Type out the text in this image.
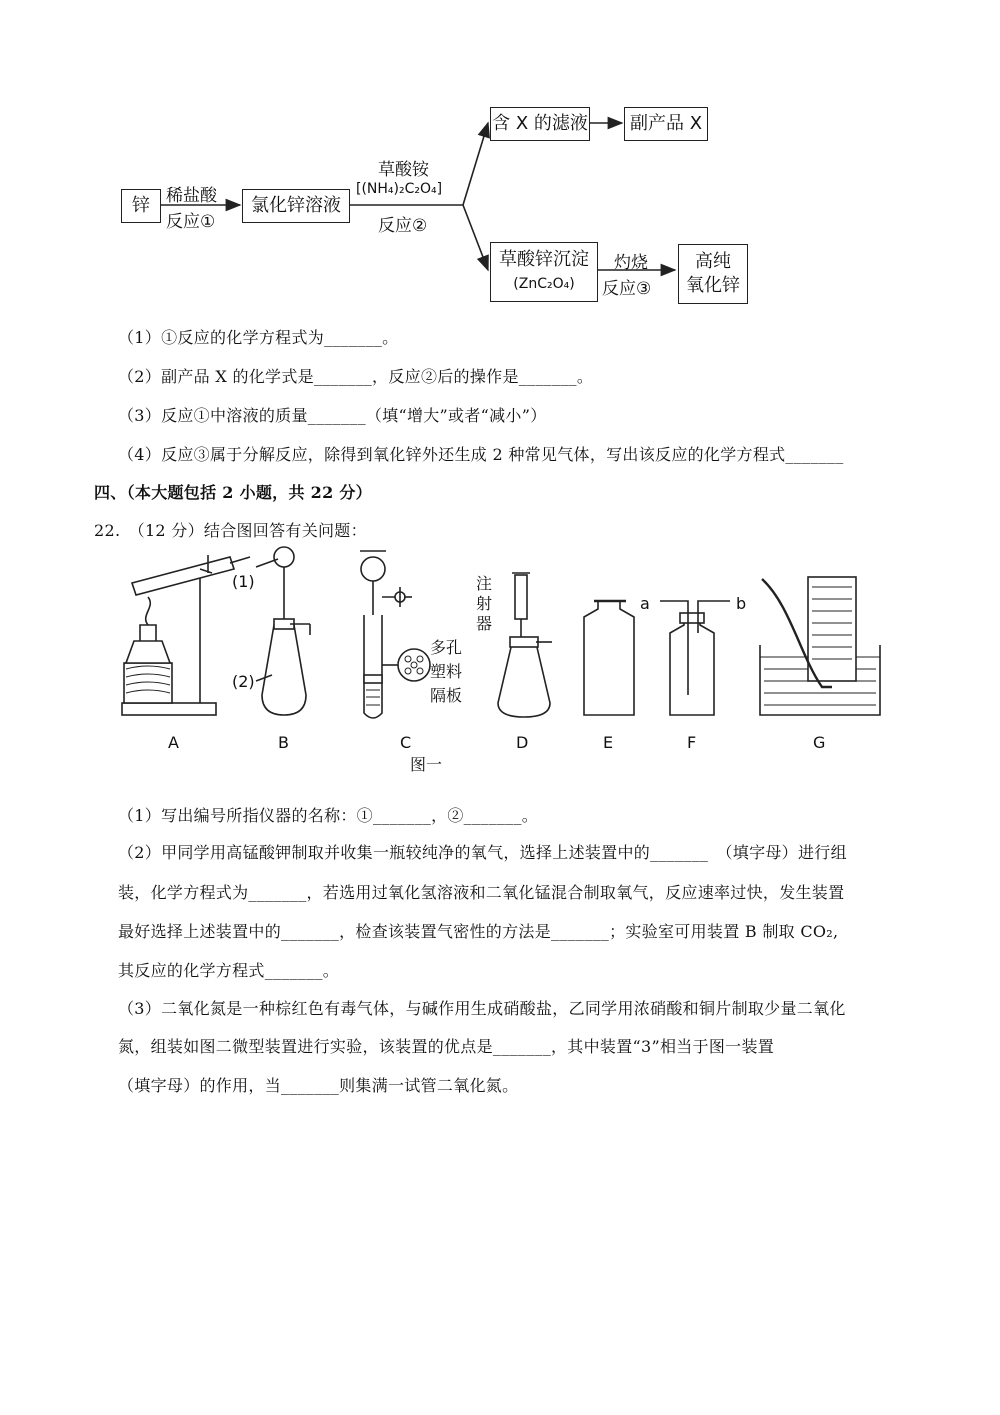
锌 稀盐酸
反应①
氯化锌溶液
草酸铵
[(NH₄)₂C₂O₄]
反应②
含 X 的滤液	副产品 X
草酸锌沉淀
(ZnC₂O₄)
灼烧
反应③
高纯
氧化锌
（1）①反应的化学方程式为_______。
（2）副产品 X 的化学式是_______，反应②后的操作是_______。
（3）反应①中溶液的质量_______（填“增大”或者“减小”）
（4）反应③属于分解反应，除得到氧化锌外还生成 2 种常见气体，写出该反应的化学方程式_______
四、（本大题包括 2 小题，共 22 分）
22.　（12 分）结合图回答有关问题：
(1)
(2)
注
射
器
多孔
塑料
隔板
a	b
A	B	C	D	E	F	G
图一
（1）写出编号所指仪器的名称：①_______，②_______。
（2）甲同学用高锰酸钾制取并收集一瓶较纯净的氧气，选择上述装置中的_______　（填字母）进行组
装，化学方程式为_______，若选用过氧化氢溶液和二氧化锰混合制取氧气，反应速率过快，发生装置
最好选择上述装置中的_______，检查该装置气密性的方法是_______；实验室可用装置 B 制取 CO₂,
其反应的化学方程式_______。
（3）二氧化氮是一种棕红色有毒气体，与碱作用生成硝酸盐，乙同学用浓硝酸和铜片制取少量二氧化
氮，组装如图二微型装置进行实验，该装置的优点是_______，其中装置“3”相当于图一装置
（填字母）的作用，当_______则集满一试管二氧化氮。
